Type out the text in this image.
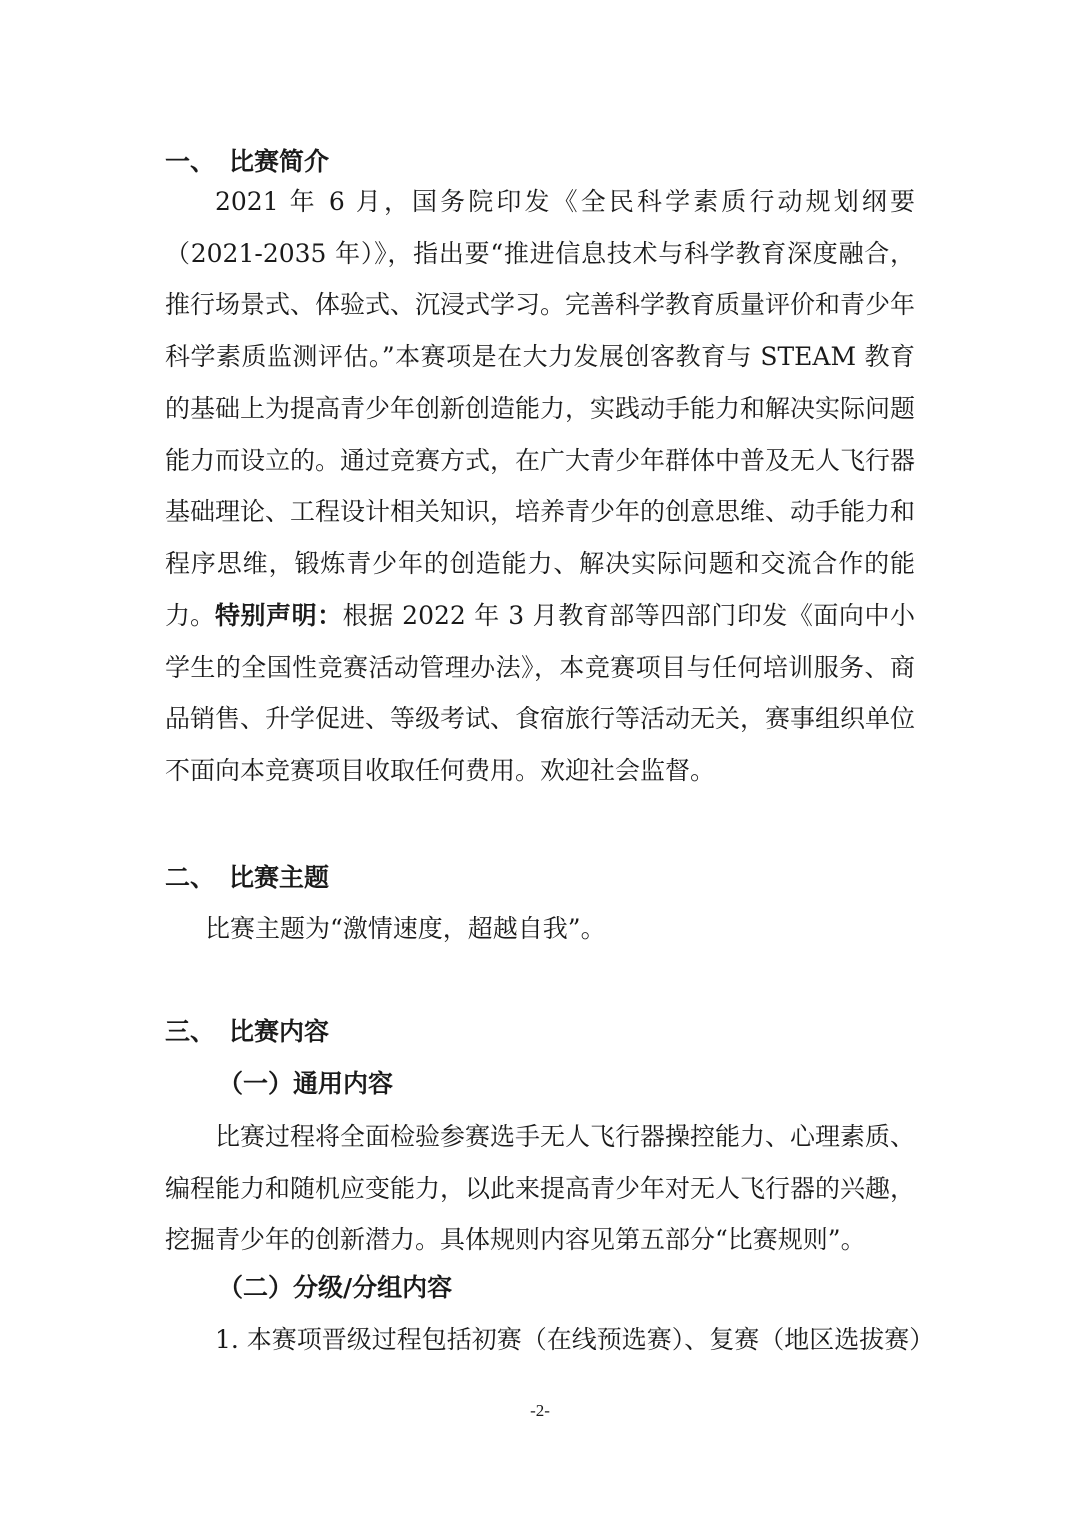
一、 比赛简介

2021 年 6 月，国务院印发《全民科学素质行动规划纲要（2021-2035 年）》，指出要“推进信息技术与科学教育深度融合，推行场景式、体验式、沉浸式学习。完善科学教育质量评价和青少年科学素质监测评估。”本赛项是在大力发展创客教育与 STEAM 教育的基础上为提高青少年创新创造能力，实践动手能力和解决实际问题能力而设立的。通过竞赛方式，在广大青少年群体中普及无人飞行器基础理论、工程设计相关知识，培养青少年的创意思维、动手能力和程序思维，锻炼青少年的创造能力、解决实际问题和交流合作的能力。 特别声明：根据 2022 年 3 月教育部等四部门印发《面向中小学生的全国性竞赛活动管理办法》，本竞赛项目与任何培训服务、商品销售、升学促进、等级考试、食宿旅行等活动无关，赛事组织单位不面向本竞赛项目收取任何费用。欢迎社会监督。

二、 比赛主题
比赛主题为“激情速度，超越自我”。
三、 比赛内容
（一）通用内容

比赛过程将全面检验参赛选手无人飞行器操控能力、心理素质、编程能力和随机应变能力，以此来提高青少年对无人飞行器的兴趣，挖掘青少年的创新潜力。具体规则内容见第五部分“比赛规则”。

（二）分级/分组内容
1. 本赛项晋级过程包括初赛（在线预选赛）、复赛（地区选拔赛）
-2-
